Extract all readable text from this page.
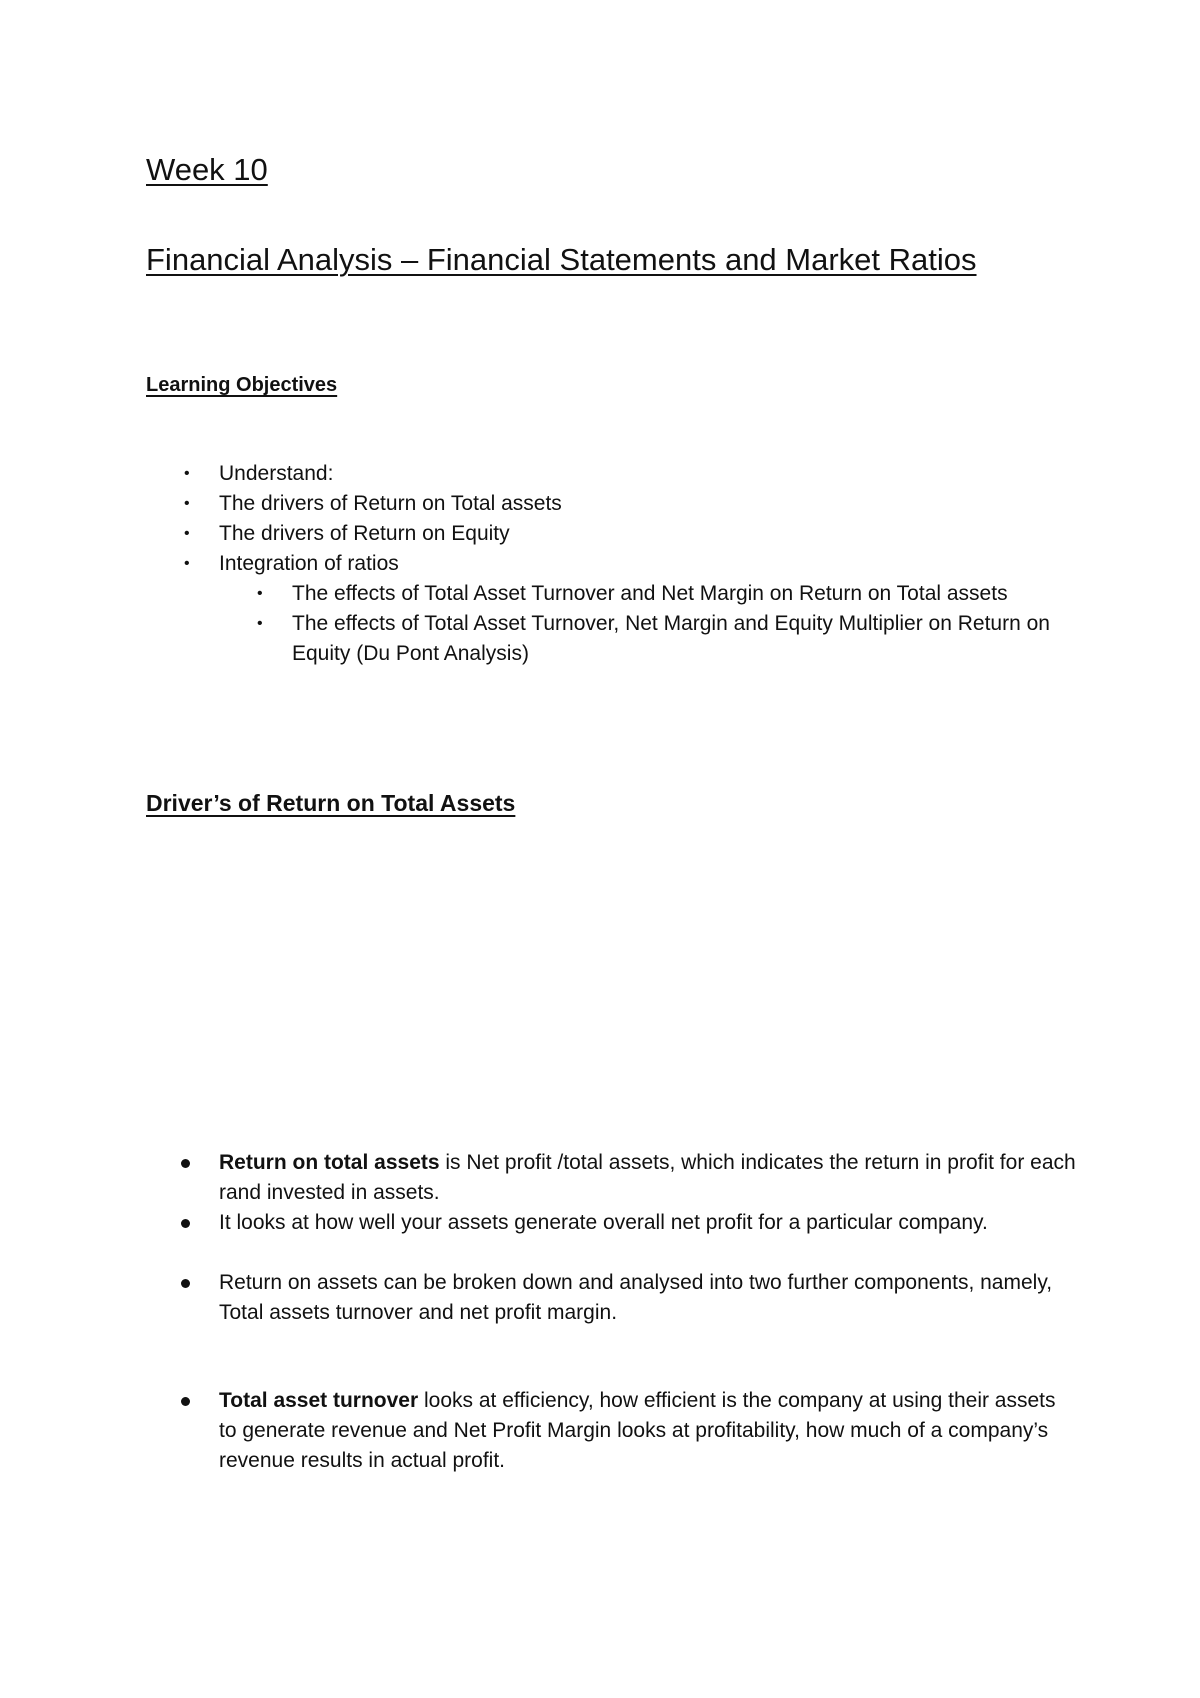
Week 10
Financial Analysis – Financial Statements and Market Ratios
Learning Objectives
• Understand:
• The drivers of Return on Total assets
• The drivers of Return on Equity
• Integration of ratios
• The effects of Total Asset Turnover and Net Margin on Return on Total assets
• The effects of Total Asset Turnover, Net Margin and Equity Multiplier on Return on Equity (Du Pont Analysis)
Driver’s of Return on Total Assets
Return on total assets is Net profit /total assets, which indicates the return in profit for each rand invested in assets.
It looks at how well your assets generate overall net profit for a particular company.
Return on assets can be broken down and analysed into two further components, namely, Total assets turnover and net profit margin.
Total asset turnover looks at efficiency, how efficient is the company at using their assets to generate revenue and Net Profit Margin looks at profitability, how much of a company’s revenue results in actual profit.
